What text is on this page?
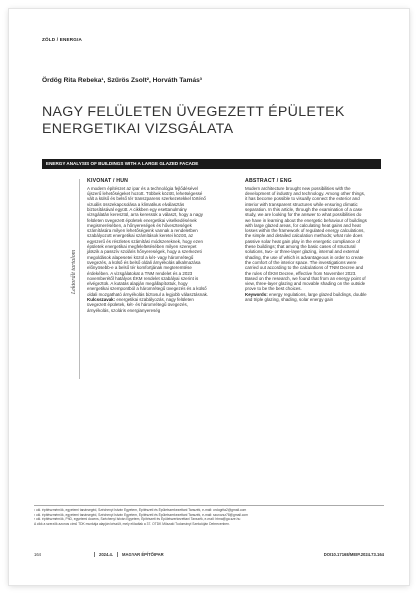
ZÖLD / ENERGIA
Ördög Rita Rebeka¹, Szűrös Zsolt², Horváth Tamás³
NAGY FELÜLETEN ÜVEGEZETT ÉPÜLETEK
ENERGETIKAI VIZSGÁLATA
ENERGY ANALYSIS OF BUILDINGS WITH A LARGE GLAZED FACADE
Lektorált tartalom
KIVONAT / HUN

A modern építészet az ipar és a technológia fejlődésével újszerű lehetőségeket hozott. Többek között, lehetségessé vált a külső és belső tér transzparens szerkezetekkel történő vizuális összekapcsolása a klimatikus elválasztás biztosításával együtt. A cikkben egy esettanulmány vizsgálatán keresztül, arra keressük a választ, hogy a nagy felületen üvegezett épületek energetikai viselkedésének megismerésében, a hőnyereségek és hőveszteségek számítására milyen lehetőségeink vannak a rendeletben szabályozott energetikai számítások keretei között, az egyszerű és részletes számítási módszereknek, hogy ezen épületek energetikai megfeleltetésében milyen szerepet játszik a passzív szoláris hőnyereségek, hogy a szerkezeti megoldások alapesetei közül a két- vagy háromrétegű üvegezés, a külső és belső oldali árnyékolás alkalmazása előnyösebb-e a belső tér komfortjának megteremtése érdekében. A vizsgálatokat a TNM rendelet és a 2023 novemberétől hatályos ÉKM rendelet szabályai szerint is elvégeztük. A kutatás alapján megállapítottuk, hogy energetikai szempontból a háromrétegű üvegezés és a külső oldali mozgatható árnyékolás biztosul a legjobb választásnak.

Kulcsszavak: energetikai szabályozás, nagy felületen üvegezett épületek, két- és háromrétegű üvegezés, árnyékolás, szoláris energianyereség

ABSTRACT / ENG

Modern architecture brought new possibilities with the development of industry and technology. Among other things, it has become possible to visually connect the exterior and interior with transparent structures while ensuring climatic separation. In this article, through the examination of a case study, we are looking for the answer to what possibilities do we have in learning about the energetic behaviour of buildings with large glazed areas, for calculating heat gains and heat losses within the framework of regulated energy calculations, the simple and detailed calculation methods; what role does passive solar heat gain play in the energetic compliance of these buildings; that among the basic cases of structural solutions, two- or three-layer glazing, internal and external shading, the use of which is advantageous in order to create the comfort of the interior space. The investigations were carried out according to the calculations of TNM Decree and the rules of ÉKM Decree, effective from November 2023. Based on the research, we found that from an energy point of view, three-layer glazing and movable shading on the outside prove to be the best choices.

Keywords: energy regulations, large glazed buildings, double and triple glazing, shading, solar energy gain

¹ okl. építészmérnök, egyetemi tanársegéd, Széchenyi István Egyetem, Építészeti és Épületszerkezettani Tanszék, e-mail: ordogrita2@gmail.com
² okl. építészmérnök, egyetemi tanársegéd, Széchenyi István Egyetem, Építészeti és Épületszerkezettani Tanszék, e-mail: szurozsz78@gmail.com
³ okl. építészmérnök, PhD, egyetemi docens, Széchenyi István Egyetem, Építészeti és Épületszerkezettani Tanszék, e-mail: htma@ga.sze.hu
A cikk a szerzők azonos című TDK munkája alapján készült, mely előadtak a 37. OTDK Műszaki Tudományi Szekcióján Debrecenben.
164	2024.4. MAGYAR ÉPÍTŐIPAR	DOI10.17168/MEIP.2024.73.164
